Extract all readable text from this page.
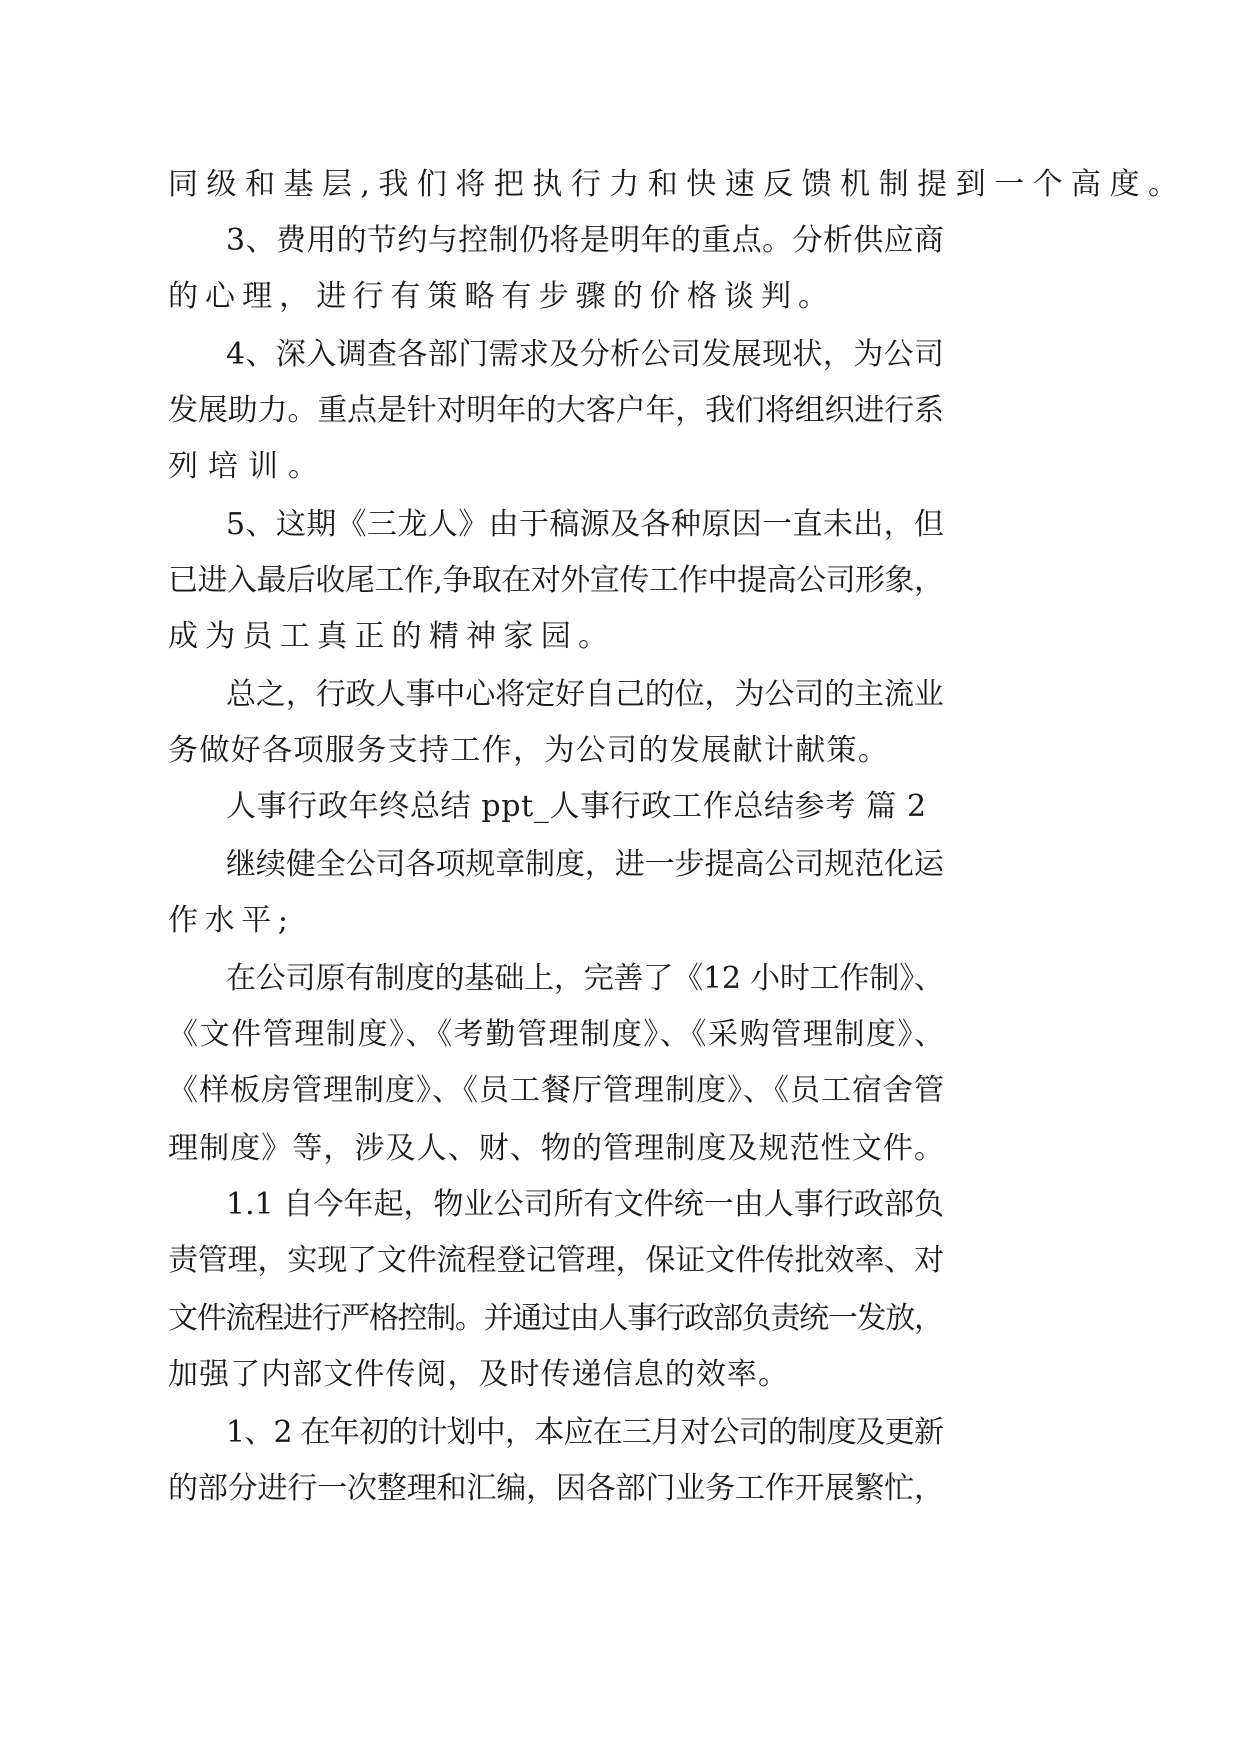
同级和基层,我们将把执行力和快速反馈机制提到一个高度。
3、费用的节约与控制仍将是明年的重点。分析供应商
的心理，进行有策略有步骤的价格谈判。
4、深入调查各部门需求及分析公司发展现状，为公司
发展助力。重点是针对明年的大客户年，我们将组织进行系
列培训。
5、这期《三龙人》由于稿源及各种原因一直未出，但
已进入最后收尾工作,争取在对外宣传工作中提高公司形象，
成为员工真正的精神家园。
总之，行政人事中心将定好自己的位，为公司的主流业
务做好各项服务支持工作，为公司的发展献计献策。
人事行政年终总结 ppt_人事行政工作总结参考 篇 2
继续健全公司各项规章制度，进一步提高公司规范化运
作水平;
在公司原有制度的基础上，完善了《12 小时工作制》、
《文件管理制度》、《考勤管理制度》、《采购管理制度》、
《样板房管理制度》、《员工餐厅管理制度》、《员工宿舍管
理制度》等，涉及人、财、物的管理制度及规范性文件。
1.1 自今年起，物业公司所有文件统一由人事行政部负
责管理，实现了文件流程登记管理，保证文件传批效率、对
文件流程进行严格控制。并通过由人事行政部负责统一发放，
加强了内部文件传阅，及时传递信息的效率。
1、2 在年初的计划中，本应在三月对公司的制度及更新
的部分进行一次整理和汇编，因各部门业务工作开展繁忙，
